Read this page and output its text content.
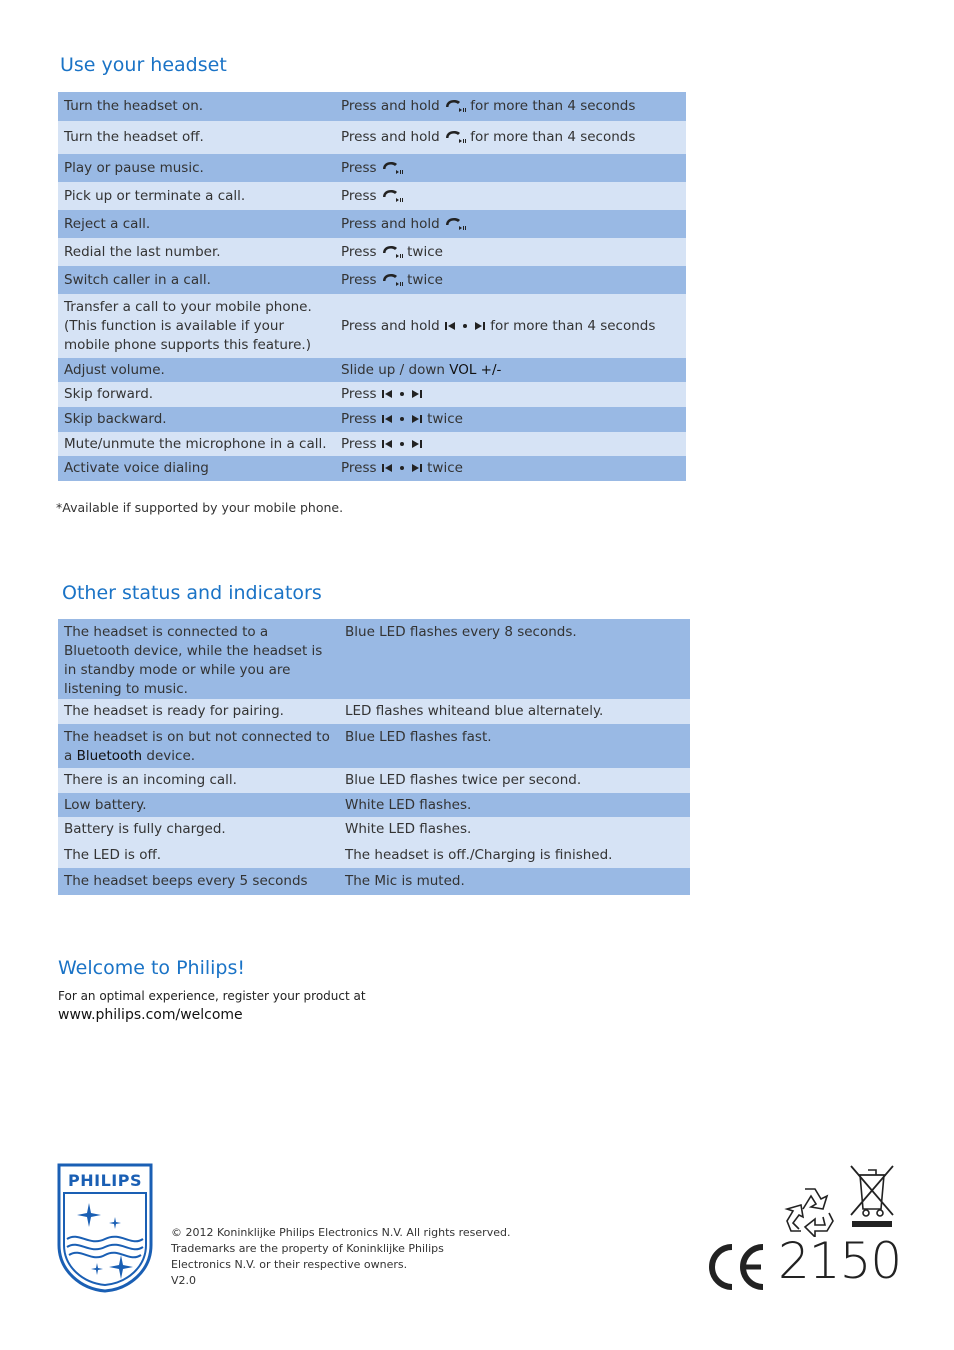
Use your headset
Turn the headset on.	Press and hold for more than 4 seconds
Turn the headset off.	Press and hold for more than 4 seconds
Play or pause music.	Press
Pick up or terminate a call.	Press
Reject a call.	Press and hold
Redial the last number.	Press twice
Switch caller in a call.	Press twice
Transfer a call to your mobile phone. (This function is available if your mobile phone supports this feature.)	Press and hold for more than 4 seconds
Adjust volume.	Slide up / down VOL +/-
Skip forward.	Press
Skip backward.	Press twice
Mute/unmute the microphone in a call.	Press
Activate voice dialing	Press twice
*Available if supported by your mobile phone.
Other status and indicators
The headset is connected to a Bluetooth device, while the headset is in standby mode or while you are listening to music.	Blue LED flashes every 8 seconds.
The headset is ready for pairing.	LED flashes whiteand blue alternately.
The headset is on but not connected to a Bluetooth device.	Blue LED flashes fast.
There is an incoming call.	Blue LED flashes twice per second.
Low battery.	White LED flashes.
Battery is fully charged.	White LED flashes.
The LED is off.	The headset is off./Charging is finished.
The headset beeps every 5 seconds	The Mic is muted.
Welcome to Philips!
For an optimal experience, register your product at
www.philips.com/welcome
PHILIPS
© 2012 Koninklijke Philips Electronics N.V. All rights reserved.
Trademarks are the property of Koninklijke Philips
Electronics N.V. or their respective owners.
V2.0	2150
